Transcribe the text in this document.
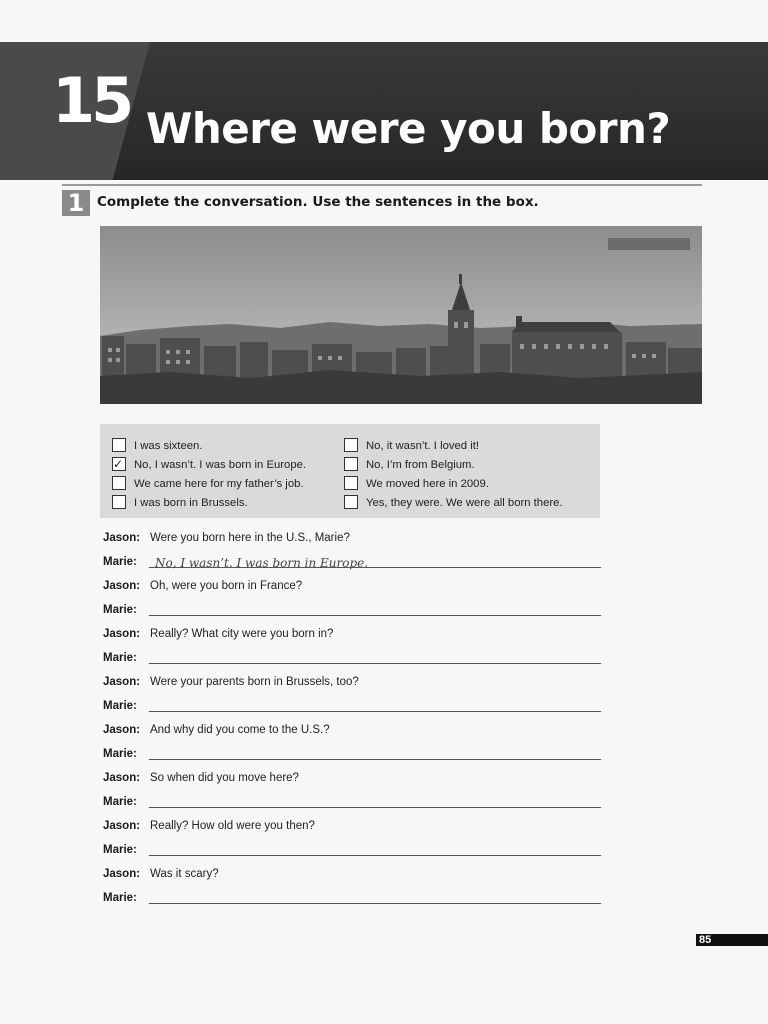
15 Where were you born?
1 Complete the conversation. Use the sentences in the box.
I was sixteen.
✓No, I wasn’t. I was born in Europe.
We came here for my father’s job.
I was born in Brussels.
No, it wasn’t. I loved it!
No, I’m from Belgium.
We moved here in 2009.
Yes, they were. We were all born there.
Jason: Were you born here in the U.S., Marie?
Marie:	No, I wasn’t. I was born in Europe.
Jason: Oh, were you born in France?
Marie:
Jason: Really? What city were you born in?
Marie:
Jason: Were your parents born in Brussels, too?
Marie:
Jason: And why did you come to the U.S.?
Marie:
Jason: So when did you move here?
Marie:
Jason: Really? How old were you then?
Marie:
Jason: Was it scary?
Marie:
85
